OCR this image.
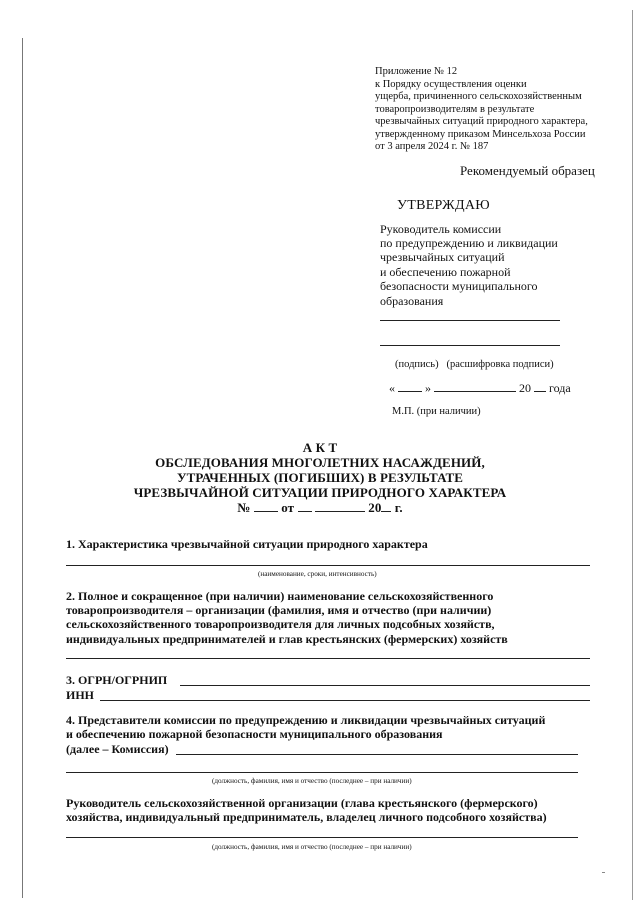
Приложение № 12
к Порядку осуществления оценки
ущерба, причиненного сельскохозяйственным
товаропроизводителям в результате
чрезвычайных ситуаций природного характера,
утвержденному приказом Минсельхоза России
от 3 апреля 2024 г. № 187
Рекомендуемый образец
УТВЕРЖДАЮ
Руководитель комиссии
по предупреждению и ликвидации
чрезвычайных ситуаций
и обеспечению пожарной
безопасности муниципального
образования
(подпись)   (расшифровка подписи)
«	»	20 года
М.П. (при наличии)
А К Т
ОБСЛЕДОВАНИЯ МНОГОЛЕТНИХ НАСАЖДЕНИЙ,
УТРАЧЕННЫХ (ПОГИБШИХ) В РЕЗУЛЬТАТЕ
ЧРЕЗВЫЧАЙНОЙ СИТУАЦИИ ПРИРОДНОГО ХАРАКТЕРА
№ от	20 г.
1. Характеристика чрезвычайной ситуации природного характера
(наименование, сроки, интенсивность)
2. Полное и сокращенное (при наличии) наименование сельскохозяйственного
товаропроизводителя – организации (фамилия, имя и отчество (при наличии)
сельскохозяйственного товаропроизводителя для личных подсобных хозяйств,
индивидуальных предпринимателей и глав крестьянских (фермерских) хозяйств
3. ОГРН/ОГРНИП
ИНН
4. Представители комиссии по предупреждению и ликвидации чрезвычайных ситуаций
и обеспечению пожарной безопасности муниципального образования
(далее – Комиссия)
(должность, фамилия, имя и отчество (последнее – при наличии)
Руководитель сельскохозяйственной организации (глава крестьянского (фермерского)
хозяйства, индивидуальный предприниматель, владелец личного подсобного хозяйства)
(должность, фамилия, имя и отчество (последнее – при наличии)
